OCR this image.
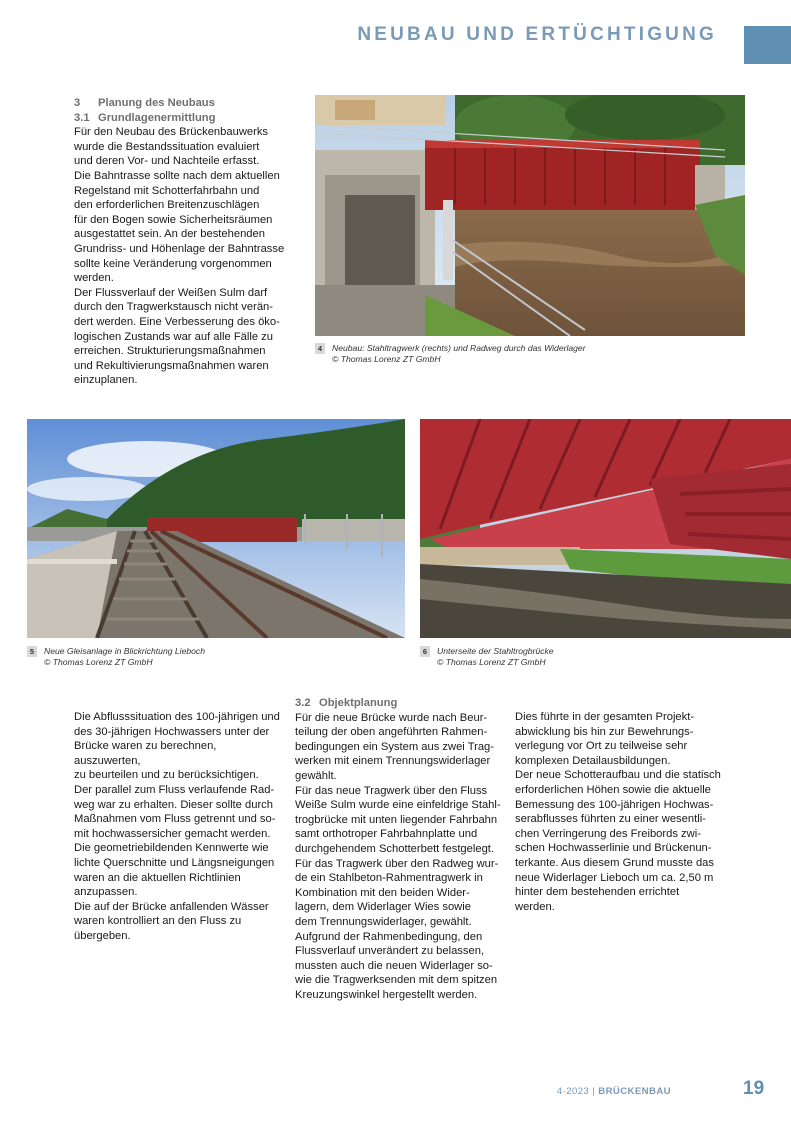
NEUBAU UND ERTÜCHTIGUNG

3 Planung des Neubaus

3.1 Grundlagenermittlung

Für den Neubau des Brückenbauwerks
wurde die Bestandssituation evaluiert
und deren Vor- und Nachteile erfasst.
Die Bahntrasse sollte nach dem aktuellen
Regelstand mit Schotterfahrbahn und
den erforderlichen Breitenzuschlägen
für den Bogen sowie Sicherheitsräumen
ausgestattet sein. An der bestehenden
Grundriss- und Höhenlage der Bahntrasse
sollte keine Veränderung vorgenommen
werden.
Der Flussverlauf der Weißen Sulm darf
durch den Tragwerkstausch nicht verän-
dert werden. Eine Verbesserung des öko-
logischen Zustands war auf alle Fälle zu
erreichen. Strukturierungsmaßnahmen
und Rekultivierungsmaßnahmen waren
einzuplanen.
4	Neubau: Stahltragwerk (rechts) und Radweg durch das Widerlager
© Thomas Lorenz ZT GmbH
5	Neue Gleisanlage in Blickrichtung Lieboch
© Thomas Lorenz ZT GmbH
6	Unterseite der Stahltrogbrücke
© Thomas Lorenz ZT GmbH
Die Abflusssituation des 100-jährigen und
des 30-jährigen Hochwassers unter der
Brücke waren zu berechnen, auszuwerten,
zu beurteilen und zu berücksichtigen.
Der parallel zum Fluss verlaufende Rad-
weg war zu erhalten. Dieser sollte durch
Maßnahmen vom Fluss getrennt und so-
mit hochwassersicher gemacht werden.
Die geometriebildenden Kennwerte wie
lichte Querschnitte und Längsneigungen
waren an die aktuellen Richtlinien
anzupassen.
Die auf der Brücke anfallenden Wässer
waren kontrolliert an den Fluss zu
übergeben.

3.2 Objektplanung

Für die neue Brücke wurde nach Beur-
teilung der oben angeführten Rahmen-
bedingungen ein System aus zwei Trag-
werken mit einem Trennungswiderlager
gewählt.
Für das neue Tragwerk über den Fluss
Weiße Sulm wurde eine einfeldrige Stahl-
trogbrücke mit unten liegender Fahrbahn
samt orthotroper Fahrbahnplatte und
durchgehendem Schotterbett festgelegt.
Für das Tragwerk über den Radweg wur-
de ein Stahlbeton-Rahmentragwerk in
Kombination mit den beiden Wider-
lagern, dem Widerlager Wies sowie
dem Trennungswiderlager, gewählt.
Aufgrund der Rahmenbedingung, den
Flussverlauf unverändert zu belassen,
mussten auch die neuen Widerlager so-
wie die Tragwerksenden mit dem spitzen
Kreuzungswinkel hergestellt werden.
Dies führte in der gesamten Projekt-
abwicklung bis hin zur Bewehrungs-
verlegung vor Ort zu teilweise sehr
komplexen Detailausbildungen.
Der neue Schotteraufbau und die statisch
erforderlichen Höhen sowie die aktuelle
Bemessung des 100-jährigen Hochwas-
serabflusses führten zu einer wesentli-
chen Verringerung des Freibords zwi-
schen Hochwasserlinie und Brückenun-
terkante. Aus diesem Grund musste das
neue Widerlager Lieboch um ca. 2,50 m
hinter dem bestehenden errichtet
werden.
4·2023 | BRÜCKENBAU	19
